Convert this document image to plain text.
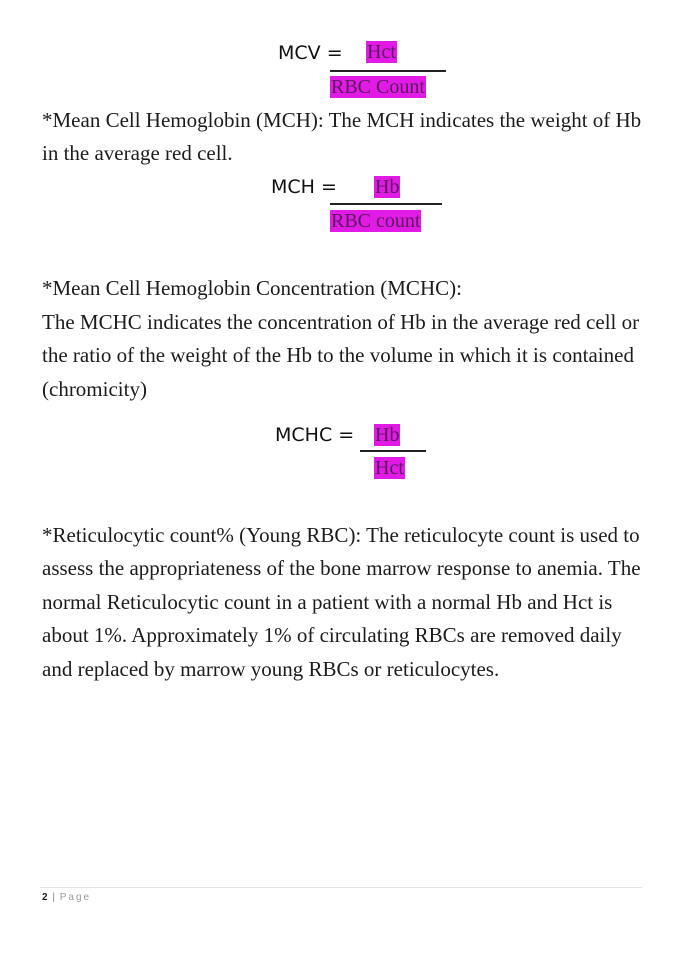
MCV = Hct
RBC Count

*Mean Cell Hemoglobin (MCH): The MCH indicates the weight of Hb in the average red cell.

MCH = Hb
RBC count

*Mean Cell Hemoglobin Concentration (MCHC):

The MCHC indicates the concentration of Hb in the average red cell or the ratio of the weight of the Hb to the volume in which it is contained (chromicity)

MCHC = Hb
Hct

*Reticulocytic count% (Young RBC): The reticulocyte count is used to assess the appropriateness of the bone marrow response to anemia. The normal Reticulocytic count in a patient with a normal Hb and Hct is about 1%. Approximately 1% of circulating RBCs are removed daily and replaced by marrow young RBCs or reticulocytes.

2 | Page
